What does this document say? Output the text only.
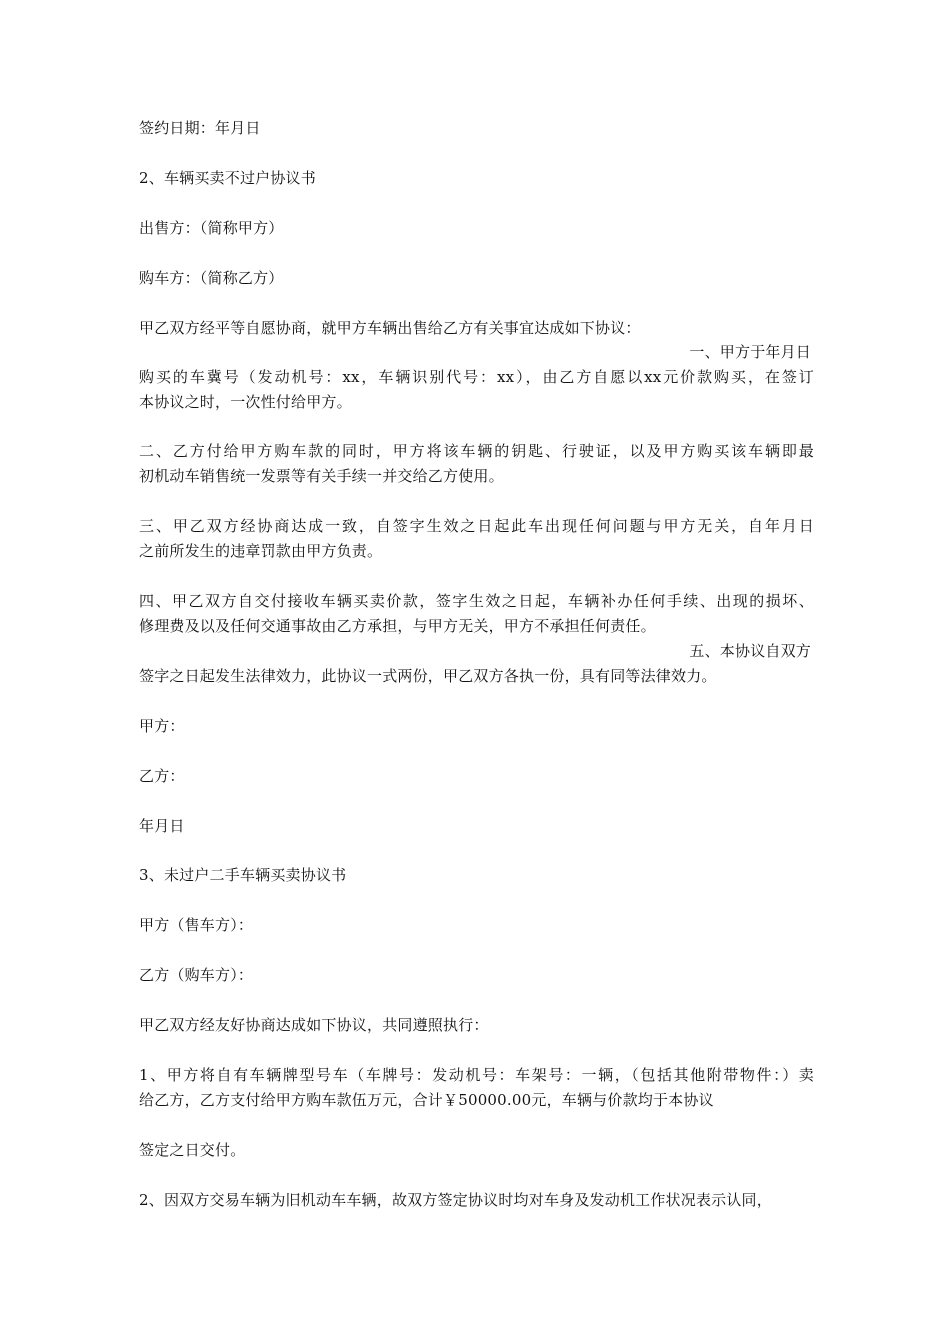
签约日期：年月日
2、车辆买卖不过户协议书
出售方：（简称甲方）
购车方：（简称乙方）
甲乙双方经平等自愿协商，就甲方车辆出售给乙方有关事宜达成如下协议：
一、甲方于年月日
购买的车冀号（发动机号：xx，车辆识别代号：xx），由乙方自愿以xx元价款购买，在签订
本协议之时，一次性付给甲方。
二、乙方付给甲方购车款的同时，甲方将该车辆的钥匙、行驶证，以及甲方购买该车辆即最
初机动车销售统一发票等有关手续一并交给乙方使用。
三、甲乙双方经协商达成一致，自签字生效之日起此车出现任何问题与甲方无关，自年月日
之前所发生的违章罚款由甲方负责。
四、甲乙双方自交付接收车辆买卖价款，签字生效之日起，车辆补办任何手续、出现的损坏、
修理费及以及任何交通事故由乙方承担，与甲方无关，甲方不承担任何责任。
五、本协议自双方
签字之日起发生法律效力，此协议一式两份，甲乙双方各执一份，具有同等法律效力。
甲方：
乙方：
年月日
3、未过户二手车辆买卖协议书
甲方（售车方）：
乙方（购车方）：
甲乙双方经友好协商达成如下协议，共同遵照执行：
1、甲方将自有车辆牌型号车（车牌号：发动机号：车架号：一辆，（包括其他附带物件：）卖
给乙方，乙方支付给甲方购车款伍万元，合计￥50000.00元，车辆与价款均于本协议
签定之日交付。
2、因双方交易车辆为旧机动车车辆，故双方签定协议时均对车身及发动机工作状况表示认同，
